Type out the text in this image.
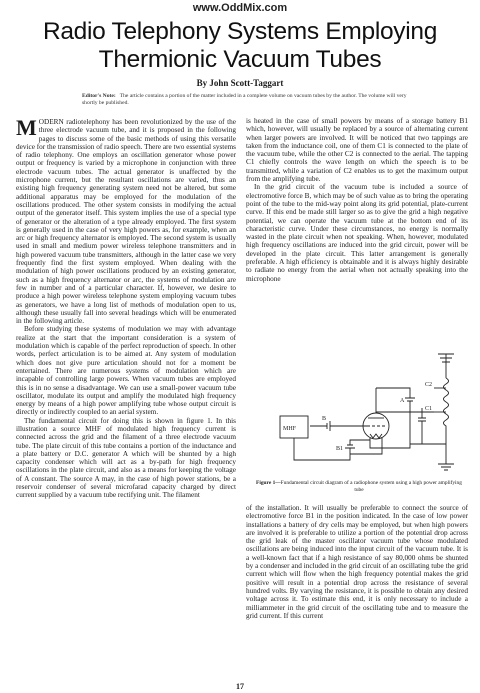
www.OddMix.com
Radio Telephony Systems Employing
Thermionic Vacuum Tubes
By John Scott-Taggart
Editor's Note: The article contains a portion of the matter included in a complete volume on vacuum tubes by the author. The volume will very shortly be published.

MODERN radiotelephony has been revolutionized by the use of the three electrode vacuum tube, and it is proposed in the following pages to discuss some of the basic methods of using this versatile device for the transmission of radio speech. There are two essential systems of radio telephony. One employs an oscillation generator whose power output or frequency is varied by a microphone in conjunction with three electrode vacuum tubes. The actual generator is unaffected by the microphone current, but the resultant oscillations are varied, thus an existing high frequency generating system need not be altered, but some additional apparatus may be employed for the modulation of the oscillations produced. The other system consists in modifying the actual output of the generator itself. This system implies the use of a special type of generator or the alteration of a type already employed. The first system is generally used in the case of very high powers as, for example, when an arc or high frequency alternator is employed. The second system is usually used in small and medium power wireless telephone transmitters and in high powered vacuum tube transmitters, although in the latter case we very frequently find the first system employed. When dealing with the modulation of high power oscillations produced by an existing generator, such as a high frequency alternator or arc, the systems of modulation are few in number and of a particular character. If, however, we desire to produce a high power wireless telephone system employing vacuum tubes as generators, we have a long list of methods of modulation open to us, although these usually fall into several headings which will be enumerated in the following article.

Before studying these systems of modulation we may with advantage realize at the start that the important consideration is a system of modulation which is capable of the perfect reproduction of speech. In other words, perfect articulation is to be aimed at. Any system of modulation which does not give pure articulation should not for a moment be entertained. There are numerous systems of modulation which are incapable of controlling large powers. When vacuum tubes are employed this is in no sense a disadvantage. We can use a small-power vacuum tube oscillator, modulate its output and amplify the modulated high frequency energy by means of a high power amplifying tube whose output circuit is directly or indirectly coupled to an aerial system.

The fundamental circuit for doing this is shown in figure 1. In this illustration a source MHF of modulated high frequency current is connected across the grid and the filament of a three electrode vacuum tube. The plate circuit of this tube contains a portion of the inductance and a plate battery or D.C. generator A which will be shunted by a high capacity condenser which will act as a by-path for high frequency oscillations in the plate circuit, and also as a means for keeping the voltage of A constant. The source A may, in the case of high power stations, be a reservoir condenser of several microfarad capacity charged by direct current supplied by a vacuum tube rectifying unit. The filament

is heated in the case of small powers by means of a storage battery B1 which, however, will usually be replaced by a source of alternating current when larger powers are involved. It will be noticed that two tappings are taken from the inductance coil, one of them C1 is connected to the plate of the vacuum tube, while the other C2 is connected to the aerial. The tapping C1 chiefly controls the wave length on which the speech is to be transmitted, while a variation of C2 enables us to get the maximum output from the amplifying tube.

In the grid circuit of the vacuum tube is included a source of electromotive force B, which may be of such value as to bring the operating point of the tube to the mid-way point along its grid potential, plate-current curve. If this end be made still larger so as to give the grid a high negative potential, we can operate the vacuum tube at the bottom end of its characteristic curve. Under these circumstances, no energy is normally wasted in the plate circuit when not speaking. When, however, modulated high frequency oscillations are induced into the grid circuit, power will be developed in the plate circuit. This latter arrangement is generally preferable. A high efficiency is obtainable and it is always highly desirable to radiate no energy from the aerial when not actually speaking into the microphone

C2
C1
MHF
A
B
B1
Figure 1—Fundamental circuit diagram of a radiophone system using a high power amplifying tube

of the installation. It will usually be preferable to connect the source of electromotive force B1 in the position indicated. In the case of low power installations a battery of dry cells may be employed, but when high powers are involved it is preferable to utilize a portion of the potential drop across the grid leak of the master oscillator vacuum tube whose modulated oscillations are being induced into the input circuit of the vacuum tube. It is a well-known fact that if a high resistance of say 80,000 ohms be shunted by a condenser and included in the grid circuit of an oscillating tube the grid current which will flow when the high frequency potential makes the grid positive will result in a potential drop across the resistance of several hundred volts. By varying the resistance, it is possible to obtain any desired voltage across it. To estimate this end, it is only necessary to include a milliammeter in the grid circuit of the oscillating tube and to measure the grid current. If this current

17
